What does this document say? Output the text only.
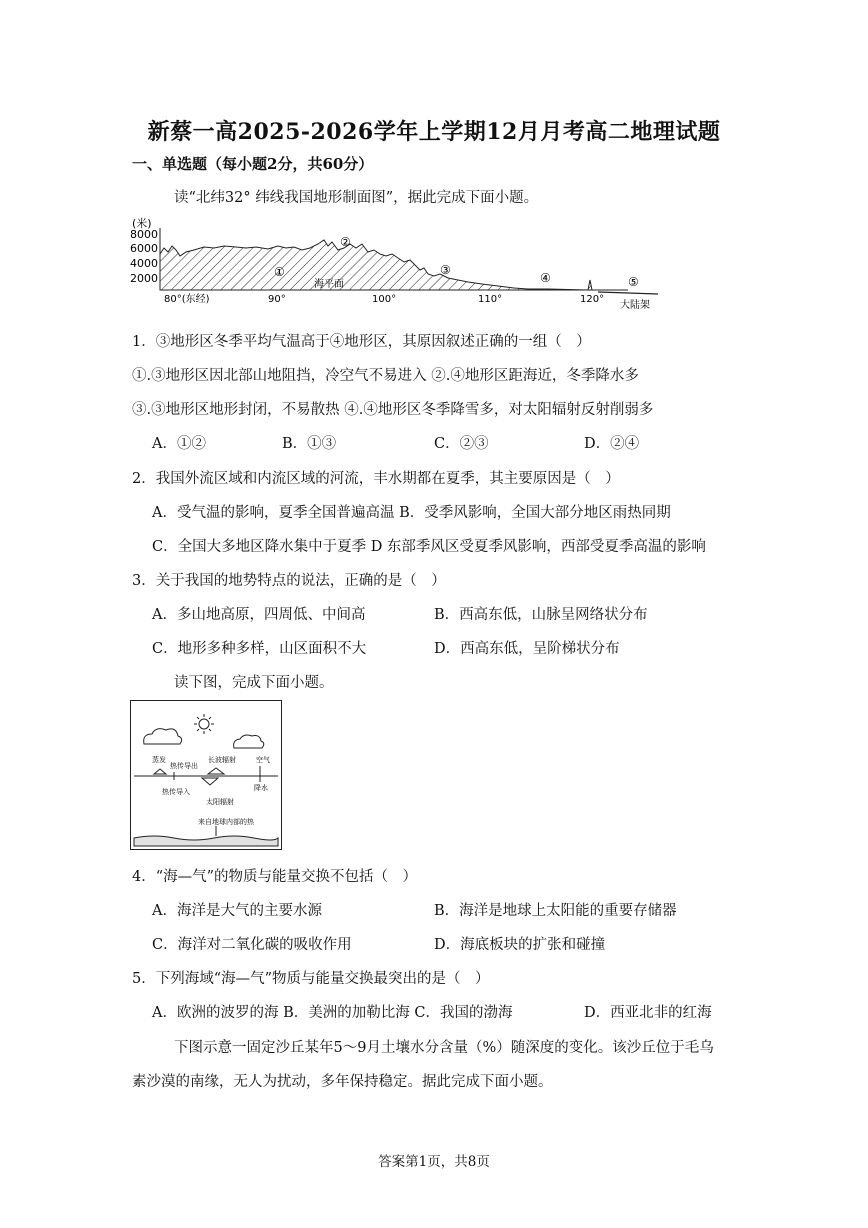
新蔡一高2025-2026学年上学期12月月考高二地理试题
一、单选题（每小题2分，共60分）
读“北纬32° 纬线我国地形制面图”，据此完成下面小题。
(米)
8000
6000
4000
2000	①
②
③
④	⑤
海平面
80°(东经)	90°	100°	110°	120°
大陆架
1．③地形区冬季平均气温高于④地形区，其原因叙述正确的一组（　）
①.③地形区因北部山地阻挡，冷空气不易进入 ②.④地形区距海近，冬季降水多
③.③地形区地形封闭，不易散热 ④.④地形区冬季降雪多，对太阳辐射反射削弱多
A．①②	B．①③	C．②③	D．②④
2．我国外流区域和内流区域的河流，丰水期都在夏季，其主要原因是（　）
A．受气温的影响，夏季全国普遍高温 B．受季风影响，全国大部分地区雨热同期
C．全国大多地区降水集中于夏季 D 东部季风区受夏季风影响，西部受夏季高温的影响
3．关于我国的地势特点的说法，正确的是（　）
A．多山地高原，四周低、中间高	B．西高东低，山脉呈网络状分布
C．地形多种多样，山区面积不大	D．西高东低，呈阶梯状分布
读下图，完成下面小题。
蒸发
热传导出
长波辐射	空气
热传导入
太阳辐射
降水
来自地球内部的热
4．“海—气”的物质与能量交换不包括（　）
A．海洋是大气的主要水源	B．海洋是地球上太阳能的重要存储器
C．海洋对二氧化碳的吸收作用	D．海底板块的扩张和碰撞
5．下列海域“海—气”物质与能量交换最突出的是（　）
A．欧洲的波罗的海 B．美洲的加勒比海 C．我国的渤海	D．西亚北非的红海
下图示意一固定沙丘某年5～9月土壤水分含量（%）随深度的变化。该沙丘位于毛乌
素沙漠的南缘，无人为扰动，多年保持稳定。据此完成下面小题。
答案第1页，共8页
